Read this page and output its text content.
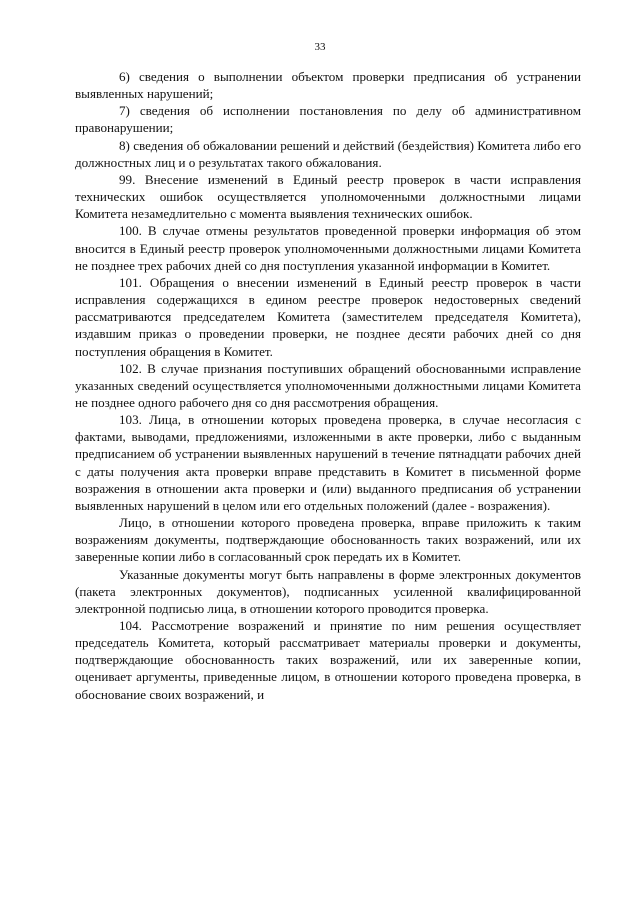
33

6) сведения о выполнении объектом проверки предписания об устранении выявленных нарушений;

7) сведения об исполнении постановления по делу об административном правонарушении;

8) сведения об обжаловании решений и действий (бездействия) Комитета либо его должностных лиц и о результатах такого обжалования.

99. Внесение изменений в Единый реестр проверок в части исправления технических ошибок осуществляется уполномоченными должностными лицами Комитета незамедлительно с момента выявления технических ошибок.

100. В случае отмены результатов проведенной проверки информация об этом вносится в Единый реестр проверок уполномоченными должностными лицами Комитета не позднее трех рабочих дней со дня поступления указанной информации в Комитет.

101. Обращения о внесении изменений в Единый реестр проверок в части исправления содержащихся в едином реестре проверок недостоверных сведений рассматриваются председателем Комитета (заместителем председателя Комитета), издавшим приказ о проведении проверки, не позднее десяти рабочих дней со дня поступления обращения в Комитет.

102. В случае признания поступивших обращений обоснованными исправление указанных сведений осуществляется уполномоченными должностными лицами Комитета не позднее одного рабочего дня со дня рассмотрения обращения.

103. Лица, в отношении которых проведена проверка, в случае несогласия с фактами, выводами, предложениями, изложенными в акте проверки, либо с выданным предписанием об устранении выявленных нарушений в течение пятнадцати рабочих дней с даты получения акта проверки вправе представить в Комитет в письменной форме возражения в отношении акта проверки и (или) выданного предписания об устранении выявленных нарушений в целом или его отдельных положений (далее - возражения).

Лицо, в отношении которого проведена проверка, вправе приложить к таким возражениям документы, подтверждающие обоснованность таких возражений, или их заверенные копии либо в согласованный срок передать их в Комитет.

Указанные документы могут быть направлены в форме электронных документов (пакета электронных документов), подписанных усиленной квалифицированной электронной подписью лица, в отношении которого проводится проверка.

104. Рассмотрение возражений и принятие по ним решения осуществляет председатель Комитета, который рассматривает материалы проверки и документы, подтверждающие обоснованность таких возражений, или их заверенные копии, оценивает аргументы, приведенные лицом, в отношении которого проведена проверка, в обоснование своих возражений, и
